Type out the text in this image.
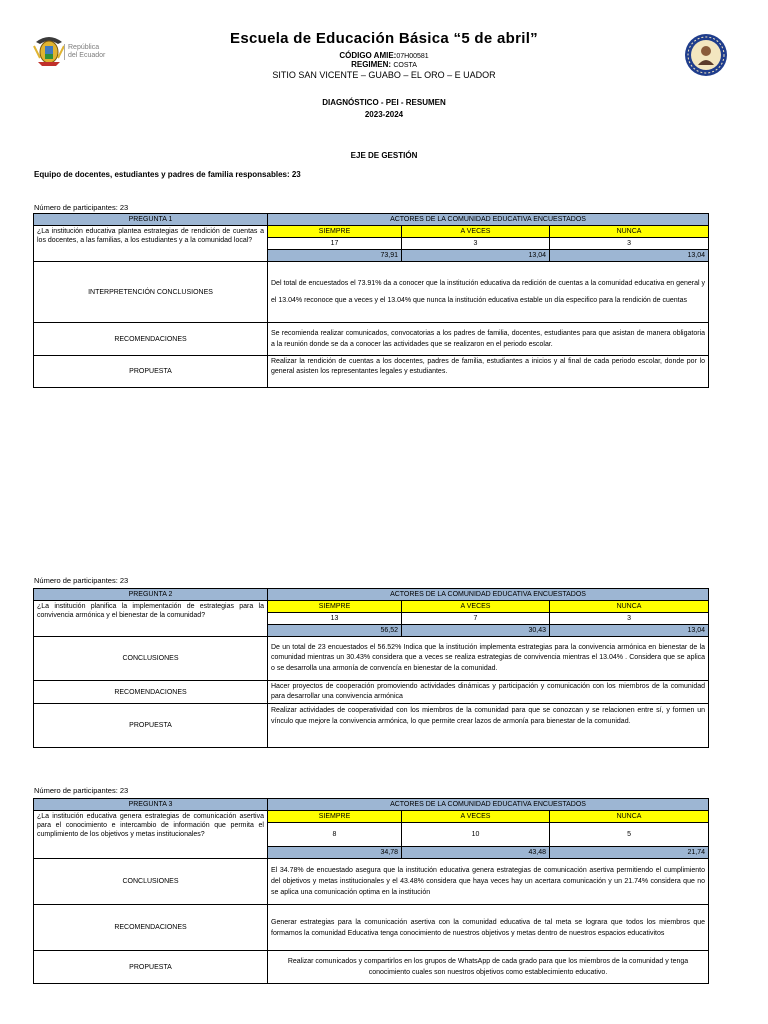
República
del Ecuador
Escuela de Educación Básica “5 de abril”
CÓDIGO AMIE:07H00581
REGIMEN: COSTA
SITIO SAN VICENTE – GUABO – EL ORO – E UADOR
DIAGNÓSTICO - PEI - RESUMEN
2023-2024
EJE DE GESTIÓN
Equipo de docentes, estudiantes y padres de familia responsables: 23
Número de participantes: 23
PREGUNTA 1	ACTORES DE LA COMUNIDAD EDUCATIVA ENCUESTADOS		
¿La institución educativa plantea estrategias de rendición de cuentas a los docentes, a las familias, a los estudiantes y a la comunidad local?	SIEMPRE	A VECES	NUNCA
	17	3	3
	73,91	13,04	13,04
INTERPRETENCIÓN CONCLUSIONES	Del total de encuestados el 73.91% da a conocer que la institución educativa da redición de cuentas a la comunidad educativa en general y el 13.04% reconoce que a veces y el 13.04% que nunca la institución educativa estable un día especifico para la rendición de cuentas		
RECOMENDACIONES	Se recomienda realizar comunicados, convocatorias a los padres de familia, docentes, estudiantes para que asistan de manera obligatoria a la reunión donde se da a conocer las actividades que se realizaron en el periodo escolar.		
PROPUESTA	Realizar la rendición de cuentas a los docentes, padres de familia, estudiantes a inicios y al final de cada periodo escolar, donde por lo general asisten los representantes legales y estudiantes.		
Número de participantes: 23
PREGUNTA 2	ACTORES DE LA COMUNIDAD EDUCATIVA ENCUESTADOS		
¿La institución planifica la implementación de estrategias para la convivencia armónica y el bienestar de la comunidad?	SIEMPRE	A VECES	NUNCA
	13	7	3
	56,52	30,43	13,04
CONCLUSIONES	De un total de 23 encuestados el 56.52% Indica que la institución implementa estrategias para la convivencia armónica en bienestar de la comunidad mientras un 30.43% considera que a veces se realiza estrategias de convivencia mientras el 13.04% . Considera que se aplica o se desarrolla una armonía de convencía en bienestar de la comunidad.		
RECOMENDACIONES	Hacer proyectos de cooperación promoviendo actividades dinámicas y participación y comunicación con los miembros de la comunidad para desarrollar una convivencia armónica		
PROPUESTA	Realizar actividades de cooperatividad con los miembros de la comunidad para que se conozcan y se relacionen entre sí, y formen un vínculo que mejore la convivencia armónica, lo que permite crear lazos de armonía para bienestar de la comunidad.		
Número de participantes: 23
PREGUNTA 3	ACTORES DE LA COMUNIDAD EDUCATIVA ENCUESTADOS		
¿La institución educativa genera estrategias de comunicación asertiva para el conocimiento e intercambio de información que permita el cumplimiento de los objetivos y metas institucionales?	SIEMPRE	A VECES	NUNCA
	8	10	5
	34,78	43,48	21,74
CONCLUSIONES	El 34.78% de encuestado asegura que la institución educativa genera estrategias de comunicación asertiva permitiendo el cumplimiento del objetivos y metas institucionales y el 43.48% considera que haya veces hay un acertara comunicación y un 21.74% considera que no se aplica una comunicación optima en la institución		
RECOMENDACIONES	Generar estrategias para la comunicación asertiva con la comunidad educativa de tal meta se lograra que todos los miembros que formamos la comunidad Educativa tenga conocimiento de nuestros objetivos y metas dentro de nuestros espacios educativitos		
PROPUESTA	Realizar comunicados y compartirlos en los grupos de WhatsApp de cada grado para que los miembros de la comunidad y tenga conocimiento cuales son nuestros objetivos como establecimiento educativo.		
